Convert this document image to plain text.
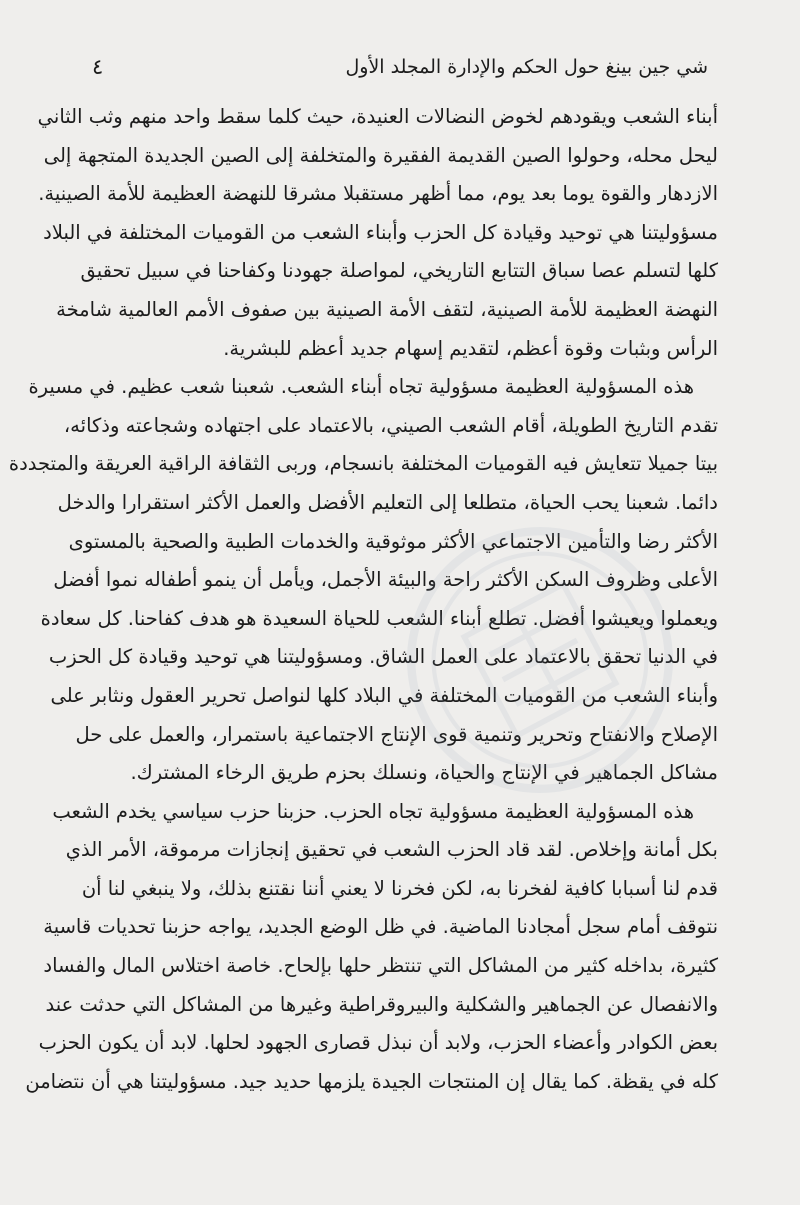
٤	شي جين بينغ حول الحكم والإدارة المجلد الأول
أبناء الشعب ويقودهم لخوض النضالات العنيدة، حيث كلما سقط واحد منهم وثب الثاني
ليحل محله، وحولوا الصين القديمة الفقيرة والمتخلفة إلى الصين الجديدة المتجهة إلى
الازدهار والقوة يوما بعد يوم، مما أظهر مستقبلا مشرقا للنهضة العظيمة للأمة الصينية.
مسؤوليتنا هي توحيد وقيادة كل الحزب وأبناء الشعب من القوميات المختلفة في البلاد
كلها لتسلم عصا سباق التتابع التاريخي، لمواصلة جهودنا وكفاحنا في سبيل تحقيق
النهضة العظيمة للأمة الصينية، لتقف الأمة الصينية بين صفوف الأمم العالمية شامخة
الرأس وبثبات وقوة أعظم، لتقديم إسهام جديد أعظم للبشرية.
هذه المسؤولية العظيمة مسؤولية تجاه أبناء الشعب. شعبنا شعب عظيم. في مسيرة
تقدم التاريخ الطويلة، أقام الشعب الصيني، بالاعتماد على اجتهاده وشجاعته وذكائه،
بيتا جميلا تتعايش فيه القوميات المختلفة بانسجام، وربى الثقافة الراقية العريقة والمتجددة
دائما. شعبنا يحب الحياة، متطلعا إلى التعليم الأفضل والعمل الأكثر استقرارا والدخل
الأكثر رضا والتأمين الاجتماعي الأكثر موثوقية والخدمات الطبية والصحية بالمستوى
الأعلى وظروف السكن الأكثر راحة والبيئة الأجمل، ويأمل أن ينمو أطفاله نموا أفضل
ويعملوا ويعيشوا أفضل. تطلع أبناء الشعب للحياة السعيدة هو هدف كفاحنا. كل سعادة
في الدنيا تحقق بالاعتماد على العمل الشاق. ومسؤوليتنا هي توحيد وقيادة كل الحزب
وأبناء الشعب من القوميات المختلفة في البلاد كلها لنواصل تحرير العقول ونثابر على
الإصلاح والانفتاح وتحرير وتنمية قوى الإنتاج الاجتماعية باستمرار، والعمل على حل
مشاكل الجماهير في الإنتاج والحياة، ونسلك بحزم طريق الرخاء المشترك.
هذه المسؤولية العظيمة مسؤولية تجاه الحزب. حزبنا حزب سياسي يخدم الشعب
بكل أمانة وإخلاص. لقد قاد الحزب الشعب في تحقيق إنجازات مرموقة، الأمر الذي
قدم لنا أسبابا كافية لفخرنا به، لكن فخرنا لا يعني أننا نقتنع بذلك، ولا ينبغي لنا أن
نتوقف أمام سجل أمجادنا الماضية. في ظل الوضع الجديد، يواجه حزبنا تحديات قاسية
كثيرة، بداخله كثير من المشاكل التي تنتظر حلها بإلحاح. خاصة اختلاس المال والفساد
والانفصال عن الجماهير والشكلية والبيروقراطية وغيرها من المشاكل التي حدثت عند
بعض الكوادر وأعضاء الحزب، ولابد أن نبذل قصارى الجهود لحلها. لابد أن يكون الحزب
كله في يقظة. كما يقال إن المنتجات الجيدة يلزمها حديد جيد. مسؤوليتنا هي أن نتضامن
